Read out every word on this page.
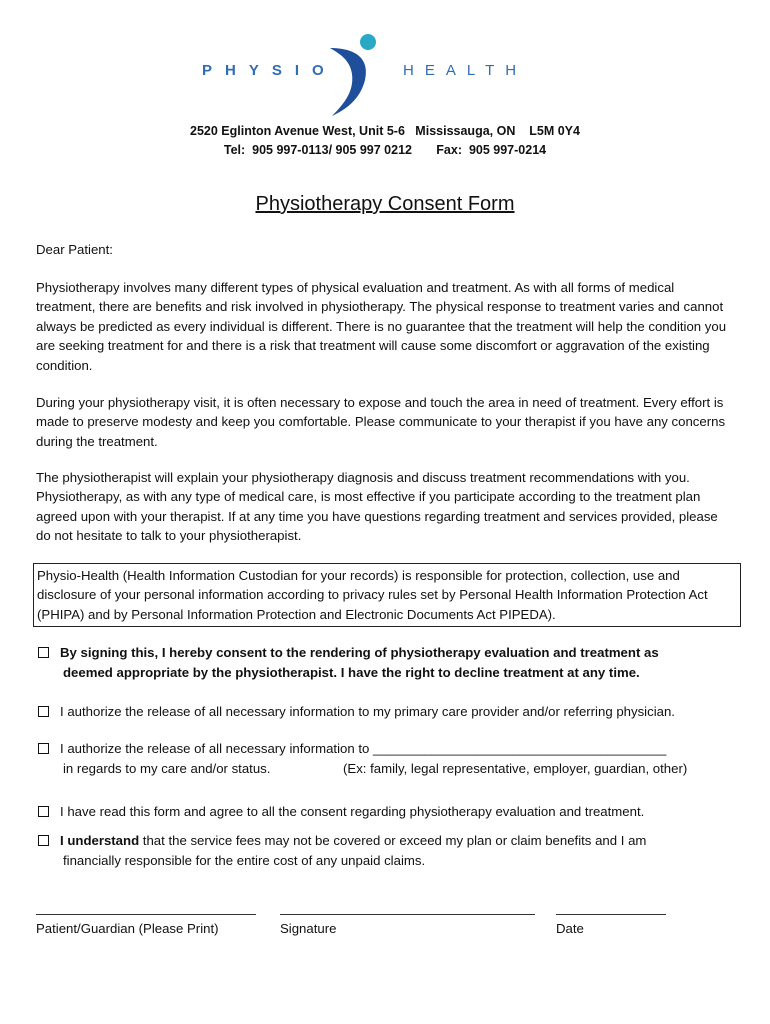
PHYSIO	HEALTH
2520 Eglinton Avenue West, Unit 5-6   Mississauga, ON    L5M 0Y4
Tel:  905 997-0113/ 905 997 0212       Fax:  905 997-0214
Physiotherapy Consent Form
Dear Patient:
Physiotherapy involves many different types of physical evaluation and treatment. As with all forms of medical treatment, there are benefits and risk involved in physiotherapy. The physical response to treatment varies and cannot always be predicted as every individual is different. There is no guarantee that the treatment will help the condition you are seeking treatment for and there is a risk that treatment will cause some discomfort or aggravation of the existing condition.
During your physiotherapy visit, it is often necessary to expose and touch the area in need of treatment. Every effort is made to preserve modesty and keep you comfortable. Please communicate to your therapist if you have any concerns during the treatment.
The physiotherapist will explain your physiotherapy diagnosis and discuss treatment recommendations with you. Physiotherapy, as with any type of medical care, is most effective if you participate according to the treatment plan agreed upon with your therapist. If at any time you have questions regarding treatment and services provided, please do not hesitate to talk to your physiotherapist.
Physio-Health (Health Information Custodian for your records) is responsible for protection, collection, use and disclosure of your personal information according to privacy rules set by Personal Health Information Protection Act (PHIPA) and by Personal Information Protection and Electronic Documents Act PIPEDA).
By signing this, I hereby consent to the rendering of physiotherapy evaluation and treatment as
deemed appropriate by the physiotherapist. I have the right to decline treatment at any time.
I authorize the release of all necessary information to my primary care provider and/or referring physician.
I authorize the release of all necessary information to ________________________________________
in regards to my care and/or status.	(Ex: family, legal representative, employer, guardian, other)
I have read this form and agree to all the consent regarding physiotherapy evaluation and treatment.
I understand that the service fees may not be covered or exceed my plan or claim benefits and I am
financially responsible for the entire cost of any unpaid claims.
Patient/Guardian (Please Print)	Signature	Date
